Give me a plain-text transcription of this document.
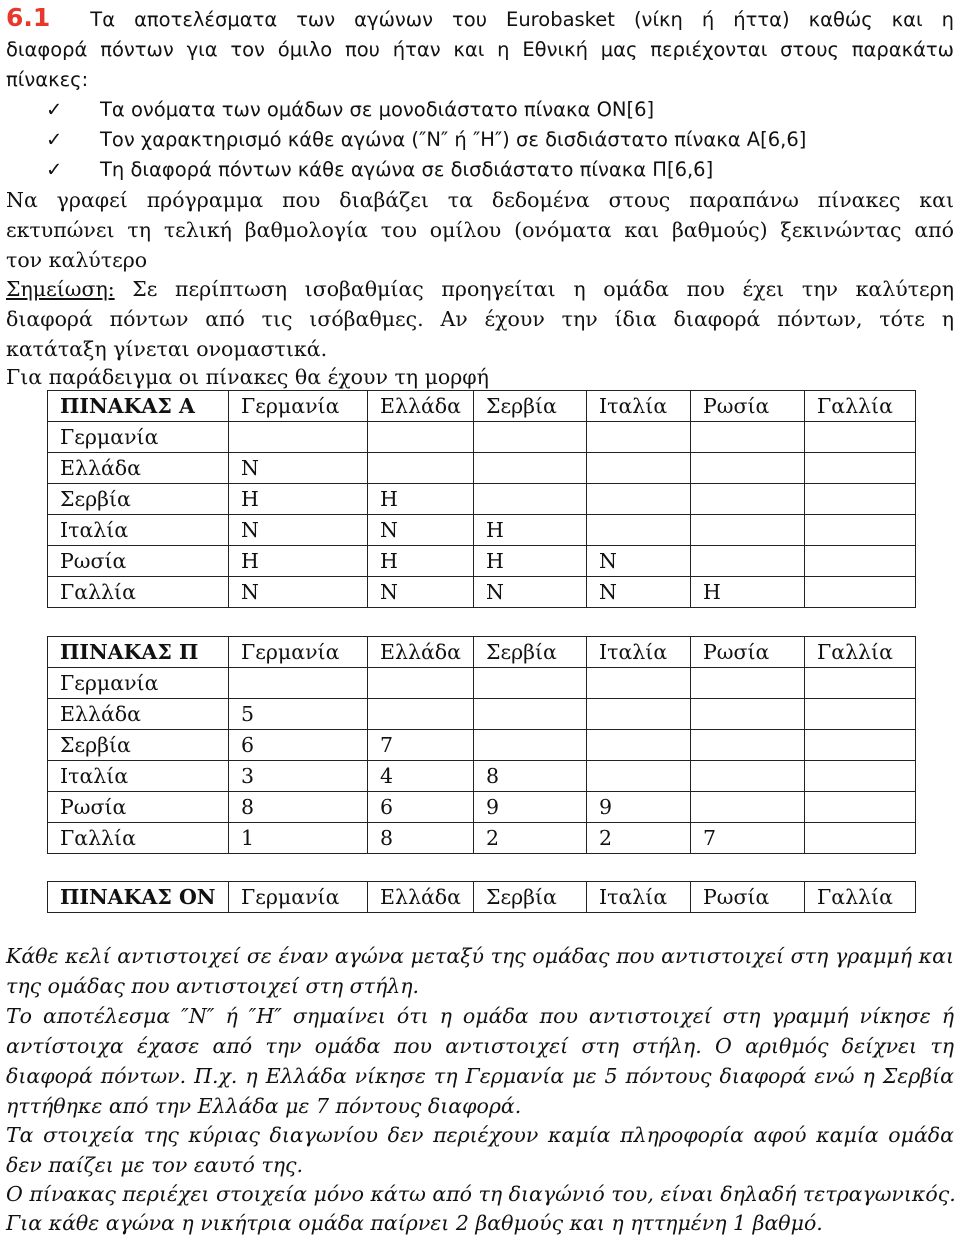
6.1 Τα αποτελέσματα των αγώνων του Eurobasket (νίκη ή ήττα) καθώς και η
διαφορά πόντων για τον όμιλο που ήταν και η Εθνική μας περιέχονται στους παρακάτω
πίνακες:
✓ Τα ονόματα των ομάδων σε μονοδιάστατο πίνακα ΟΝ[6]
✓ Τον χαρακτηρισμό κάθε αγώνα (″Ν″ ή ″Η″) σε δισδιάστατο πίνακα Α[6,6]
✓ Τη διαφορά πόντων κάθε αγώνα σε δισδιάστατο πίνακα Π[6,6]
Να γραφεί πρόγραμμα που διαβάζει τα δεδομένα στους παραπάνω πίνακες και
εκτυπώνει τη τελική βαθμολογία του ομίλου (ονόματα και βαθμούς) ξεκινώντας από
τον καλύτερο
Σημείωση: Σε περίπτωση ισοβαθμίας προηγείται η ομάδα που έχει την καλύτερη
διαφορά πόντων από τις ισόβαθμες. Αν έχουν την ίδια διαφορά πόντων, τότε η
κατάταξη γίνεται ονομαστικά.
Για παράδειγμα οι πίνακες θα έχουν τη μορφή
ΠΙΝΑΚΑΣ Α	Γερμανία	Ελλάδα	Σερβία	Ιταλία	Ρωσία	Γαλλία
Γερμανία						
Ελλάδα	Ν					
Σερβία	Η	Η				
Ιταλία	Ν	Ν	Η			
Ρωσία	Η	Η	Η	Ν		
Γαλλία	Ν	Ν	Ν	Ν	Η	
ΠΙΝΑΚΑΣ Π	Γερμανία	Ελλάδα	Σερβία	Ιταλία	Ρωσία	Γαλλία
Γερμανία						
Ελλάδα	5					
Σερβία	6	7				
Ιταλία	3	4	8			
Ρωσία	8	6	9	9		
Γαλλία	1	8	2	2	7	
ΠΙΝΑΚΑΣ ΟΝ	Γερμανία	Ελλάδα	Σερβία	Ιταλία	Ρωσία	Γαλλία
Κάθε κελί αντιστοιχεί σε έναν αγώνα μεταξύ της ομάδας που αντιστοιχεί στη γραμμή και
της ομάδας που αντιστοιχεί στη στήλη.
Το αποτέλεσμα ″Ν″ ή ″Η″ σημαίνει ότι η ομάδα που αντιστοιχεί στη γραμμή νίκησε ή
αντίστοιχα έχασε από την ομάδα που αντιστοιχεί στη στήλη. Ο αριθμός δείχνει τη
διαφορά πόντων. Π.χ. η Ελλάδα νίκησε τη Γερμανία με 5 πόντους διαφορά ενώ η Σερβία
ηττήθηκε από την Ελλάδα με 7 πόντους διαφορά.
Τα στοιχεία της κύριας διαγωνίου δεν περιέχουν καμία πληροφορία αφού καμία ομάδα
δεν παίζει με τον εαυτό της.
Ο πίνακας περιέχει στοιχεία μόνο κάτω από τη διαγώνιό του, είναι δηλαδή τετραγωνικός.
Για κάθε αγώνα η νικήτρια ομάδα παίρνει 2 βαθμούς και η ηττημένη 1 βαθμό.
